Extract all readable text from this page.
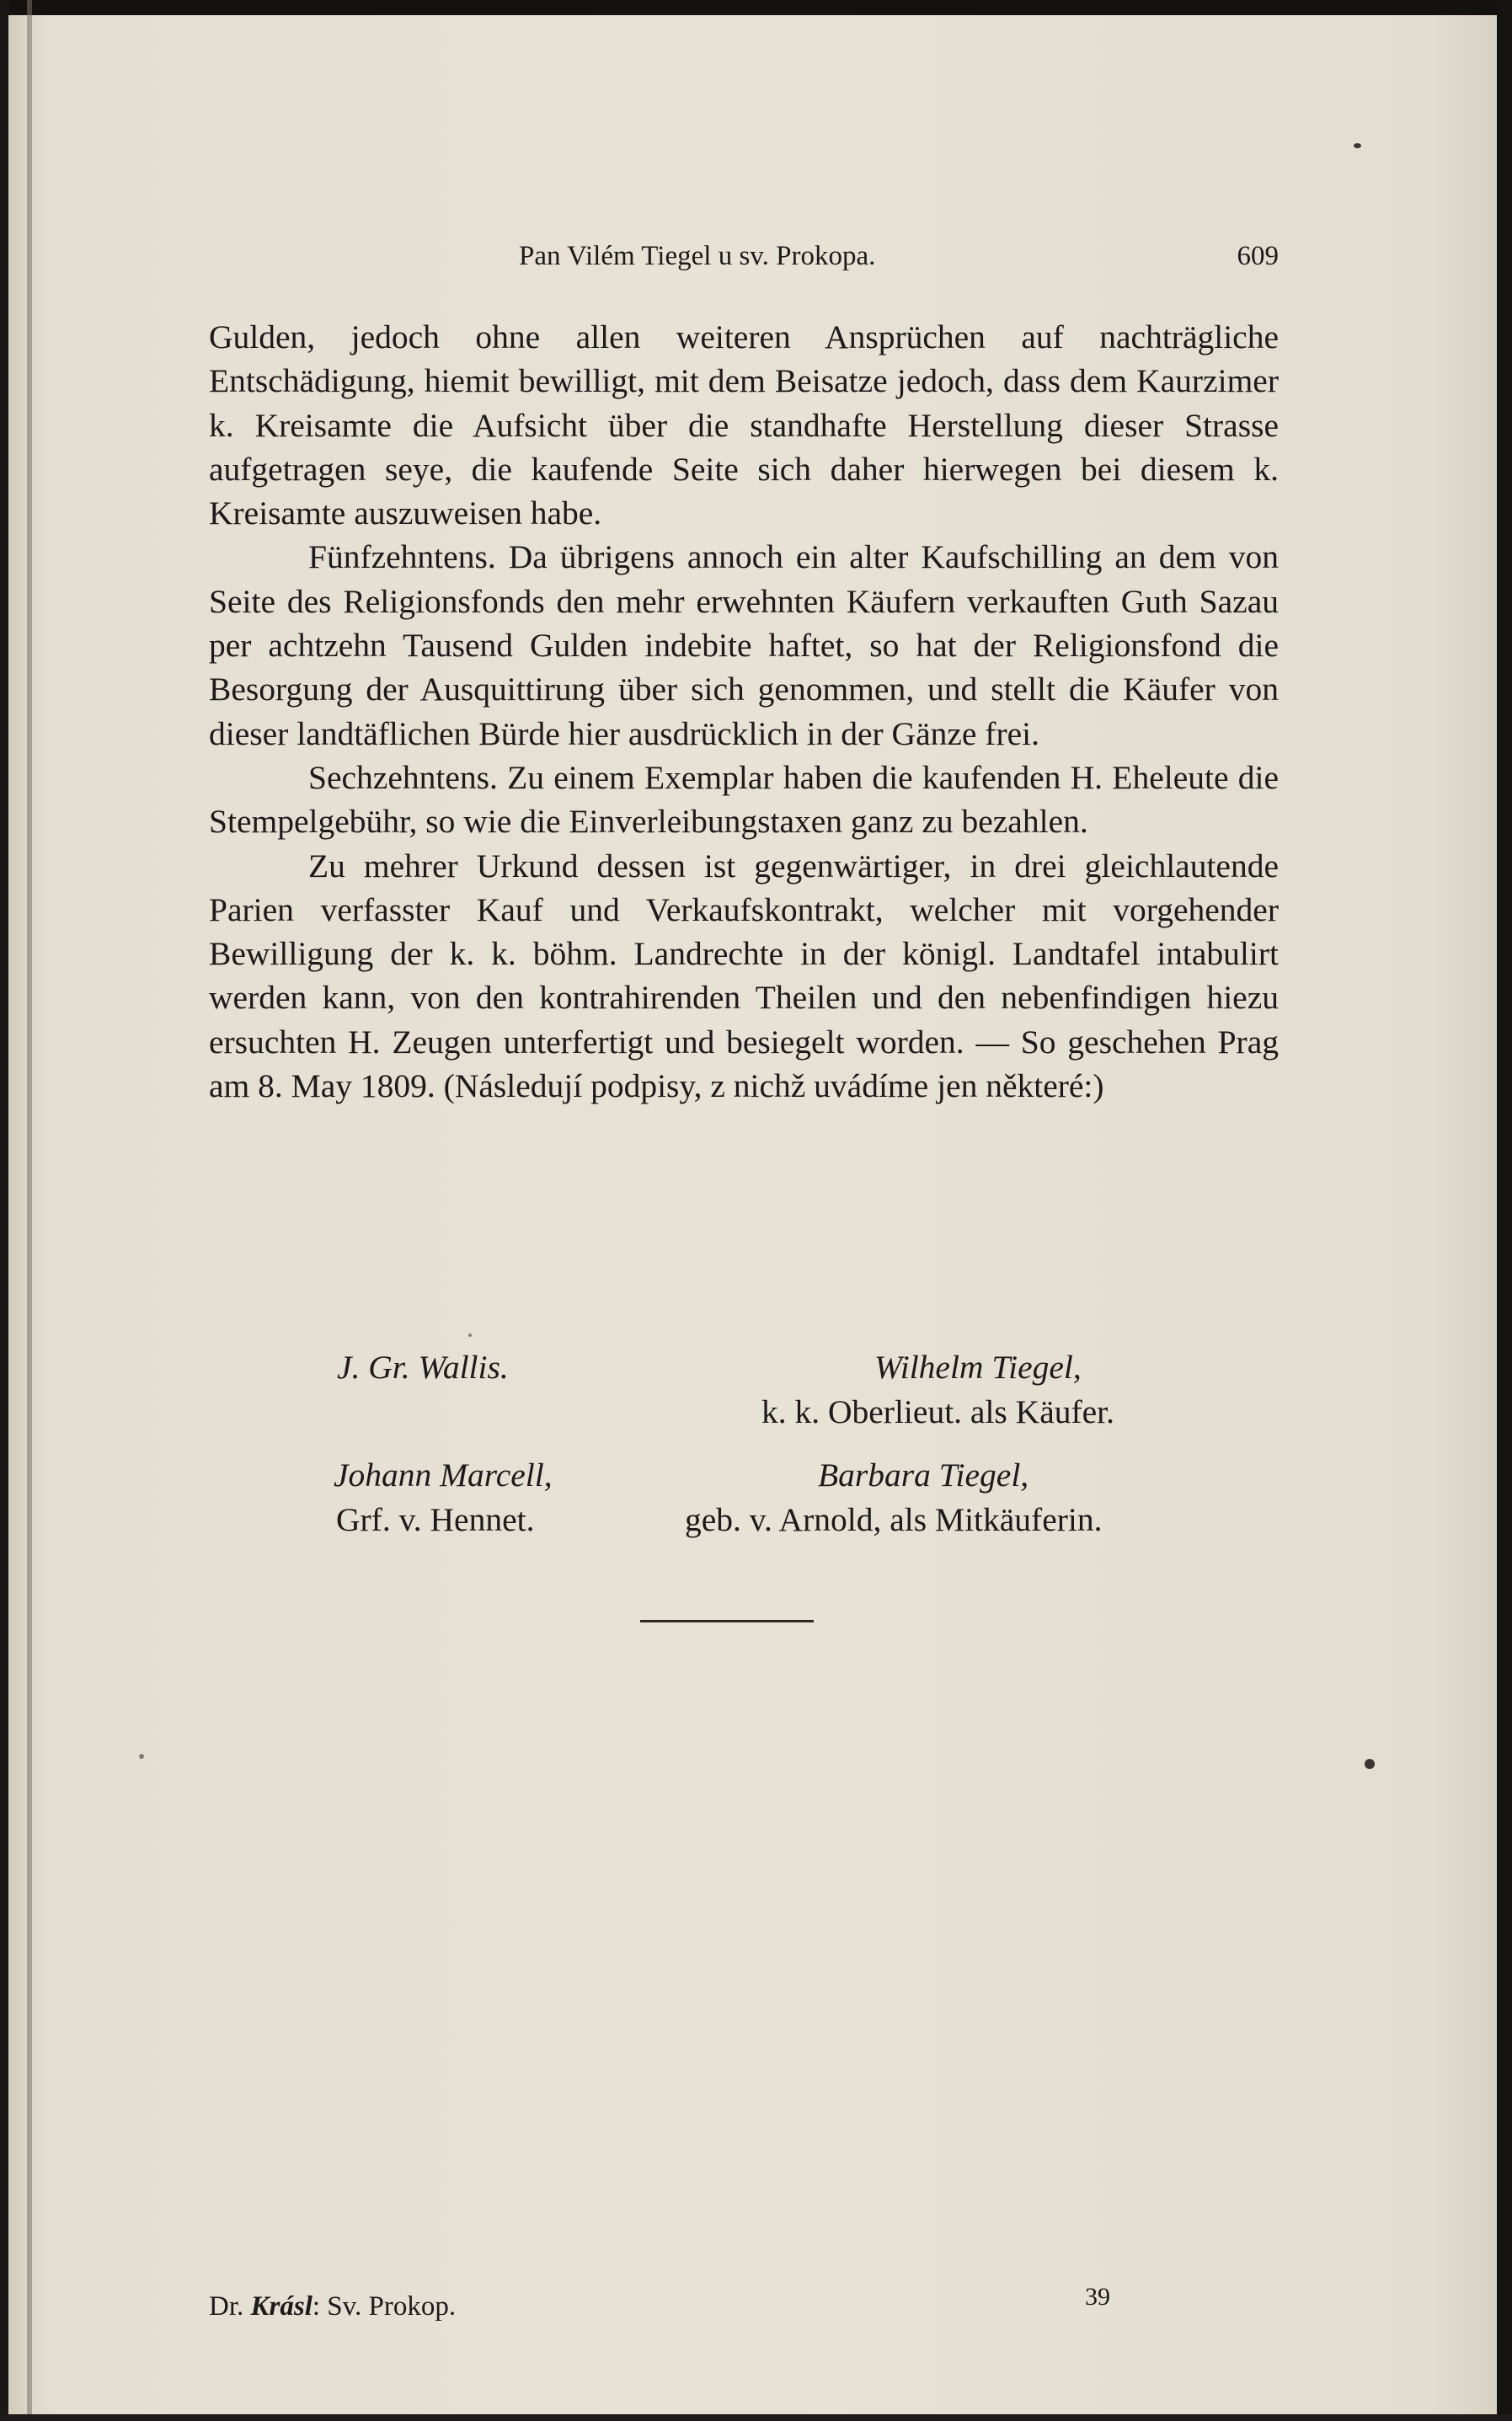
Pan Vilém Tiegel u sv. Prokopa.	609

Gulden, jedoch ohne allen weiteren Ansprüchen auf nachträgliche Entschädigung, hiemit bewilligt, mit dem Beisatze jedoch, dass dem Kaurzimer k. Kreisamte die Aufsicht über die standhafte Herstellung dieser Strasse aufgetragen seye, die kaufende Seite sich daher hierwegen bei diesem k. Kreisamte auszuweisen habe.

Fünfzehntens. Da übrigens annoch ein alter Kaufschilling an dem von Seite des Religionsfonds den mehr erwehnten Käufern verkauften Guth Sazau per achtzehn Tausend Gulden indebite haftet, so hat der Religionsfond die Besorgung der Ausquittirung über sich genommen, und stellt die Käufer von dieser landtäflichen Bürde hier ausdrücklich in der Gänze frei.

Sechzehntens. Zu einem Exemplar haben die kaufenden H. Eheleute die Stempelgebühr, so wie die Einverleibungstaxen ganz zu bezahlen.

Zu mehrer Urkund dessen ist gegenwärtiger, in drei gleichlautende Parien verfasster Kauf und Verkaufskontrakt, welcher mit vorgehender Bewilligung der k. k. böhm. Landrechte in der königl. Landtafel intabulirt werden kann, von den kontrahirenden Theilen und den nebenfindigen hiezu ersuchten H. Zeugen unterfertigt und besiegelt worden. — So geschehen Prag am 8. May 1809. (Následují podpisy, z nichž uvádíme jen některé:)

J. Gr. Wallis.	Wilhelm Tiegel,
k. k. Oberlieut. als Käufer.
Johann Marcell,
Grf. v. Hennet.
Barbara Tiegel,
geb. v. Arnold, als Mitkäuferin.
Dr. Krásl: Sv. Prokop.	39
